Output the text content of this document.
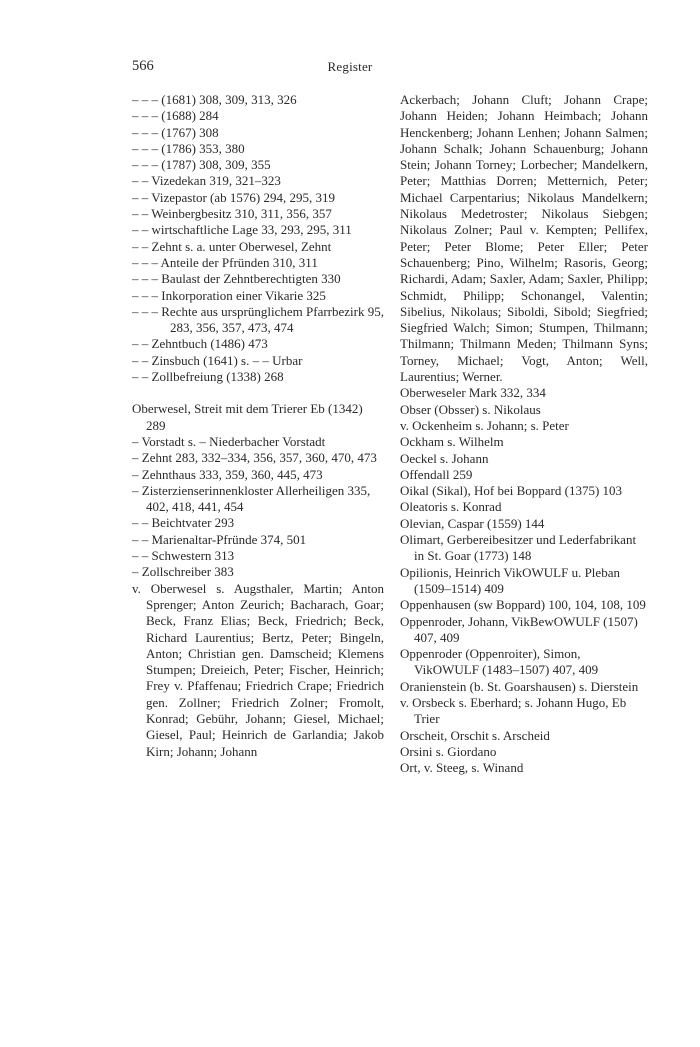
566	Register

– – – (1681) 308, 309, 313, 326

– – – (1688) 284

– – – (1767) 308

– – – (1786) 353, 380

– – – (1787) 308, 309, 355

– – Vizedekan 319, 321–323

– – Vizepastor (ab 1576) 294, 295, 319

– – Weinbergbesitz 310, 311, 356, 357

– – wirtschaftliche Lage 33, 293, 295, 311

– – Zehnt s. a. unter Oberwesel, Zehnt

– – – Anteile der Pfründen 310, 311

– – – Baulast der Zehntberechtigten 330

– – – Inkorporation einer Vikarie 325

– – – Rechte aus ursprünglichem Pfarrbezirk 95, 283, 356, 357, 473, 474

– – Zehntbuch (1486) 473

– – Zinsbuch (1641) s. – – Urbar

– – Zollbefreiung (1338) 268

Oberwesel, Streit mit dem Trierer Eb (1342) 289

– Vorstadt s. – Niederbacher Vorstadt

– Zehnt 283, 332–334, 356, 357, 360, 470, 473

– Zehnthaus 333, 359, 360, 445, 473

– Zisterzienserinnenkloster Allerheiligen 335, 402, 418, 441, 454

– – Beichtvater 293

– – Marienaltar-Pfründe 374, 501

– – Schwestern 313

– Zollschreiber 383

v. Oberwesel s. Augsthaler, Martin; Anton Sprenger; Anton Zeurich; Bacharach, Goar; Beck, Franz Elias; Beck, Friedrich; Beck, Richard Laurentius; Bertz, Peter; Bingeln, Anton; Christian gen. Damscheid; Klemens Stumpen; Dreieich, Peter; Fischer, Heinrich; Frey v. Pfaffenau; Friedrich Crape; Friedrich gen. Zollner; Friedrich Zolner; Fromolt, Konrad; Gebühr, Johann; Giesel, Michael; Giesel, Paul; Heinrich de Garlandia; Jakob Kirn; Johann; Johann

Ackerbach; Johann Cluft; Johann Crape; Johann Heiden; Johann Heimbach; Johann Henckenberg; Johann Lenhen; Johann Salmen; Johann Schalk; Johann Schauenburg; Johann Stein; Johann Torney; Lorbecher; Mandelkern, Peter; Matthias Dorren; Metternich, Peter; Michael Carpentarius; Nikolaus Mandelkern; Nikolaus Medetroster; Nikolaus Siebgen; Nikolaus Zolner; Paul v. Kempten; Pellifex, Peter; Peter Blome; Peter Eller; Peter Schauenberg; Pino, Wilhelm; Rasoris, Georg; Richardi, Adam; Saxler, Adam; Saxler, Philipp; Schmidt, Philipp; Schonangel, Valentin; Sibelius, Nikolaus; Siboldi, Sibold; Siegfried; Siegfried Walch; Simon; Stumpen, Thilmann; Thilmann; Thilmann Meden; Thilmann Syns; Torney, Michael; Vogt, Anton; Well, Laurentius; Werner.

Oberweseler Mark 332, 334

Obser (Obsser) s. Nikolaus

v. Ockenheim s. Johann; s. Peter

Ockham s. Wilhelm

Oeckel s. Johann

Offendall 259

Oikal (Sikal), Hof bei Boppard (1375) 103

Oleatoris s. Konrad

Olevian, Caspar (1559) 144

Olimart, Gerbereibesitzer und Lederfabrikant in St. Goar (1773) 148

Opilionis, Heinrich VikOWULF u. Pleban (1509–1514) 409

Oppenhausen (sw Boppard) 100, 104, 108, 109

Oppenroder, Johann, VikBewOWULF (1507) 407, 409

Oppenroder (Oppenroiter), Simon, VikOWULF (1483–1507) 407, 409

Oranienstein (b. St. Goarshausen) s. Dierstein

v. Orsbeck s. Eberhard; s. Johann Hugo, Eb Trier

Orscheit, Orschit s. Arscheid

Orsini s. Giordano

Ort, v. Steeg, s. Winand
